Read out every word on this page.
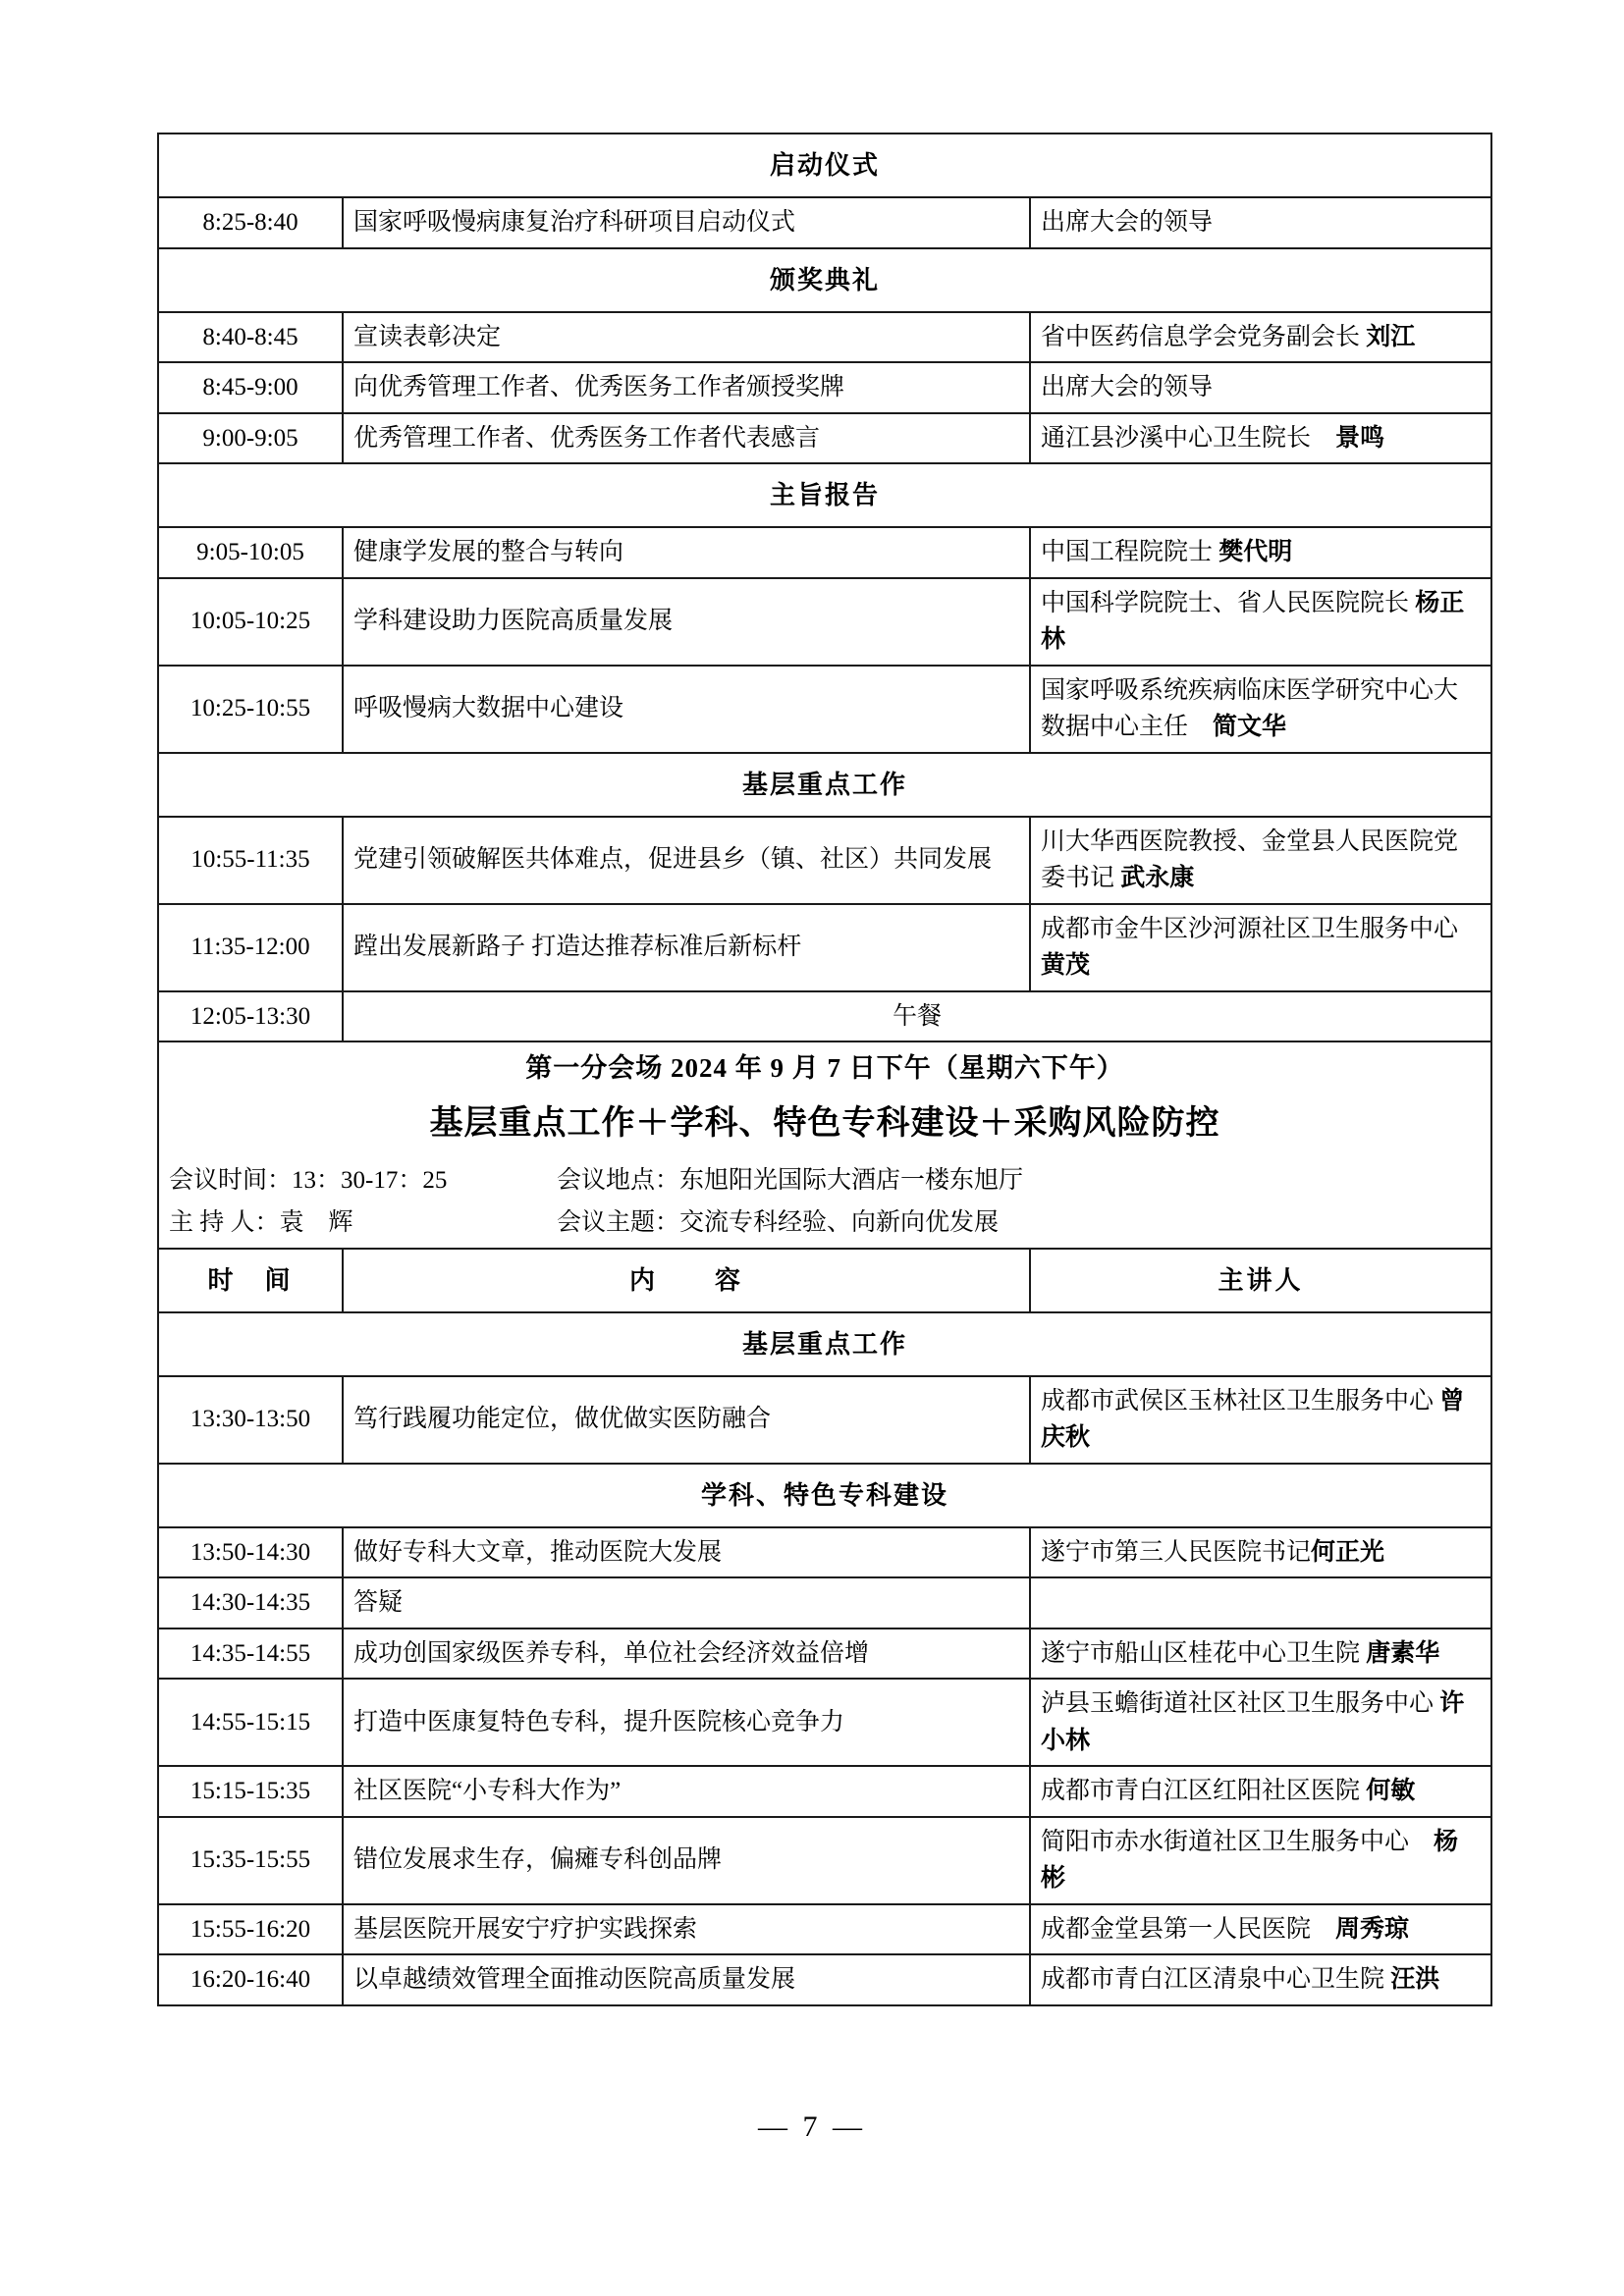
启动仪式		
8:25-8:40	国家呼吸慢病康复治疗科研项目启动仪式	出席大会的领导
颁奖典礼		
8:40-8:45	宣读表彰决定	省中医药信息学会党务副会长 刘江
8:45-9:00	向优秀管理工作者、优秀医务工作者颁授奖牌	出席大会的领导
9:00-9:05	优秀管理工作者、优秀医务工作者代表感言	通江县沙溪中心卫生院长　 景鸣
主旨报告		
9:05-10:05	健康学发展的整合与转向	中国工程院院士 樊代明
10:05-10:25	学科建设助力医院高质量发展	中国科学院院士、省人民医院院长 杨正林
10:25-10:55	呼吸慢病大数据中心建设	国家呼吸系统疾病临床医学研究中心大数据中心主任　 简文华
基层重点工作		
10:55-11:35	党建引领破解医共体难点，促进县乡（镇、社区）共同发展	川大华西医院教授、金堂县人民医院党委书记 武永康
11:35-12:00	蹚出发展新路子 打造达推荐标准后新标杆	成都市金牛区沙河源社区卫生服务中心 黄茂
12:05-13:30	午餐	

第一分会场 2024 年 9 月 7 日下午（星期六下午）
基层重点工作＋学科、特色专科建设＋采购风险防控
会议时间：13：30-17：25	会议地点：东旭阳光国际大酒店一楼东旭厅
主 持 人：袁　辉	会议主题：交流专科经验、向新向优发展

时　间	内　　容	主讲人
基层重点工作		
13:30-13:50	笃行践履功能定位，做优做实医防融合	成都市武侯区玉林社区卫生服务中心 曾庆秋
学科、特色专科建设		
13:50-14:30	做好专科大文章，推动医院大发展	遂宁市第三人民医院书记何正光
14:30-14:35	答疑	
14:35-14:55	成功创国家级医养专科，单位社会经济效益倍增	遂宁市船山区桂花中心卫生院 唐素华
14:55-15:15	打造中医康复特色专科，提升医院核心竞争力	泸县玉蟾街道社区社区卫生服务中心 许小林
15:15-15:35	社区医院“小专科大作为”	成都市青白江区红阳社区医院 何敏
15:35-15:55	错位发展求生存，偏瘫专科创品牌	简阳市赤水街道社区卫生服务中心　 杨彬
15:55-16:20	基层医院开展安宁疗护实践探索	成都金堂县第一人民医院　 周秀琼
16:20-16:40	以卓越绩效管理全面推动医院高质量发展	成都市青白江区清泉中心卫生院 汪洪
— 7 —
